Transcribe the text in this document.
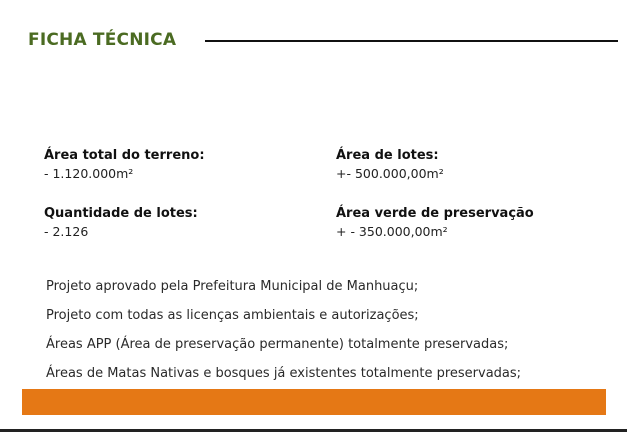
FICHA TÉCNICA
Área total do terreno:
- 1.120.000m²
Área de lotes:
+- 500.000,00m²
Quantidade de lotes:
- 2.126
Área verde de preservação
+ - 350.000,00m²
Projeto aprovado pela Prefeitura Municipal de Manhuaçu;
Projeto com todas as licenças ambientais e autorizações;
Áreas APP (Área de preservação permanente) totalmente preservadas;
Áreas de Matas Nativas e bosques já existentes totalmente preservadas;
